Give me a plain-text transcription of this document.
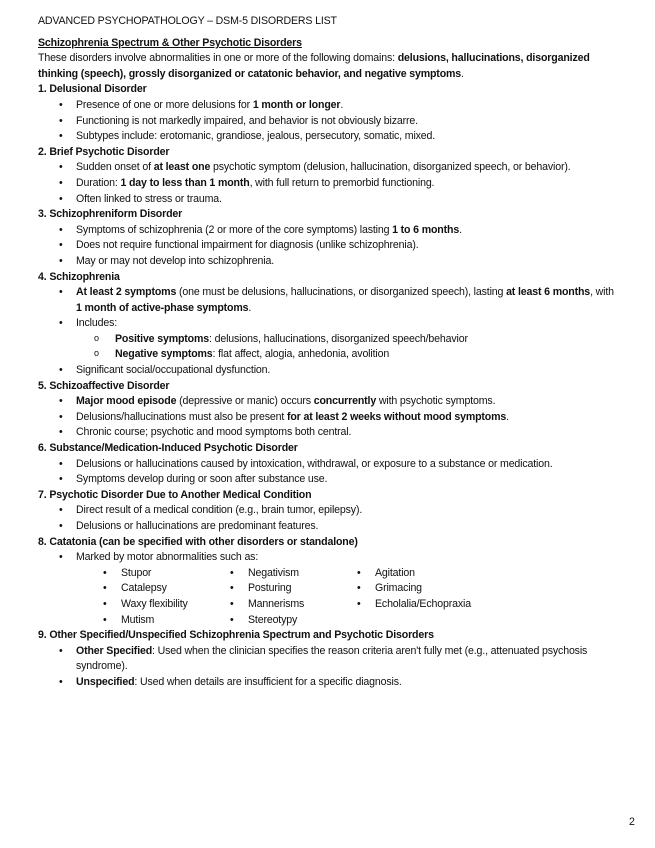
ADVANCED PSYCHOPATHOLOGY – DSM-5 DISORDERS LIST
Schizophrenia Spectrum & Other Psychotic Disorders
These disorders involve abnormalities in one or more of the following domains: delusions, hallucinations, disorganized thinking (speech), grossly disorganized or catatonic behavior, and negative symptoms.
1. Delusional Disorder
• Presence of one or more delusions for 1 month or longer.
• Functioning is not markedly impaired, and behavior is not obviously bizarre.
• Subtypes include: erotomanic, grandiose, jealous, persecutory, somatic, mixed.
2. Brief Psychotic Disorder
• Sudden onset of at least one psychotic symptom (delusion, hallucination, disorganized speech, or behavior).
• Duration: 1 day to less than 1 month, with full return to premorbid functioning.
• Often linked to stress or trauma.
3. Schizophreniform Disorder
• Symptoms of schizophrenia (2 or more of the core symptoms) lasting 1 to 6 months.
• Does not require functional impairment for diagnosis (unlike schizophrenia).
• May or may not develop into schizophrenia.
4. Schizophrenia
• At least 2 symptoms (one must be delusions, hallucinations, or disorganized speech), lasting at least 6 months, with 1 month of active-phase symptoms.
• Includes:
o Positive symptoms: delusions, hallucinations, disorganized speech/behavior
o Negative symptoms: flat affect, alogia, anhedonia, avolition
• Significant social/occupational dysfunction.
5. Schizoaffective Disorder
• Major mood episode (depressive or manic) occurs concurrently with psychotic symptoms.
• Delusions/hallucinations must also be present for at least 2 weeks without mood symptoms.
• Chronic course; psychotic and mood symptoms both central.
6. Substance/Medication-Induced Psychotic Disorder
• Delusions or hallucinations caused by intoxication, withdrawal, or exposure to a substance or medication.
• Symptoms develop during or soon after substance use.
7. Psychotic Disorder Due to Another Medical Condition
• Direct result of a medical condition (e.g., brain tumor, epilepsy).
• Delusions or hallucinations are predominant features.
8. Catatonia (can be specified with other disorders or standalone)
• Marked by motor abnormalities such as:
• Stupor
• Catalepsy
• Waxy flexibility
• Mutism
• Negativism
• Posturing
• Mannerisms
• Stereotypy
• Agitation
• Grimacing
• Echolalia/Echopraxia
9. Other Specified/Unspecified Schizophrenia Spectrum and Psychotic Disorders
• Other Specified: Used when the clinician specifies the reason criteria aren't fully met (e.g., attenuated psychosis syndrome).
• Unspecified: Used when details are insufficient for a specific diagnosis.
2
